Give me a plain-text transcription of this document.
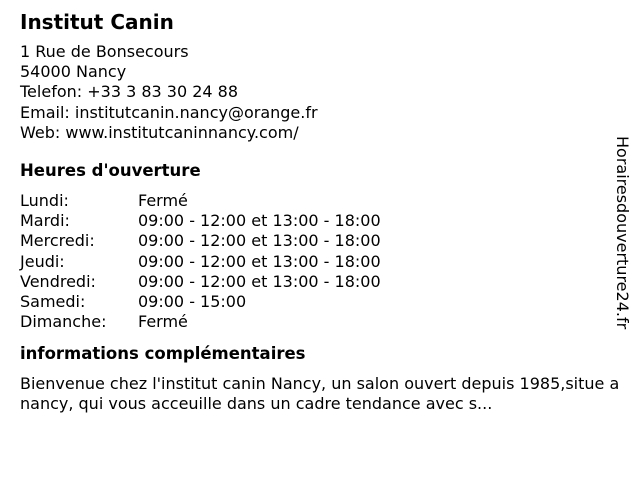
Institut Canin
1 Rue de Bonsecours
54000 Nancy
Telefon: +33 3 83 30 24 88
Email: institutcanin.nancy@orange.fr
Web: www.institutcaninnancy.com/
Heures d'ouverture
Lundi:	Fermé
Mardi:	09:00 - 12:00 et 13:00 - 18:00
Mercredi:	09:00 - 12:00 et 13:00 - 18:00
Jeudi:	09:00 - 12:00 et 13:00 - 18:00
Vendredi:	09:00 - 12:00 et 13:00 - 18:00
Samedi:	09:00 - 15:00
Dimanche:	Fermé
informations complémentaires
Bienvenue chez l'institut canin Nancy, un salon ouvert depuis 1985,situe a nancy, qui vous acceuille dans un cadre tendance avec s...
Horairesdouverture24.fr
